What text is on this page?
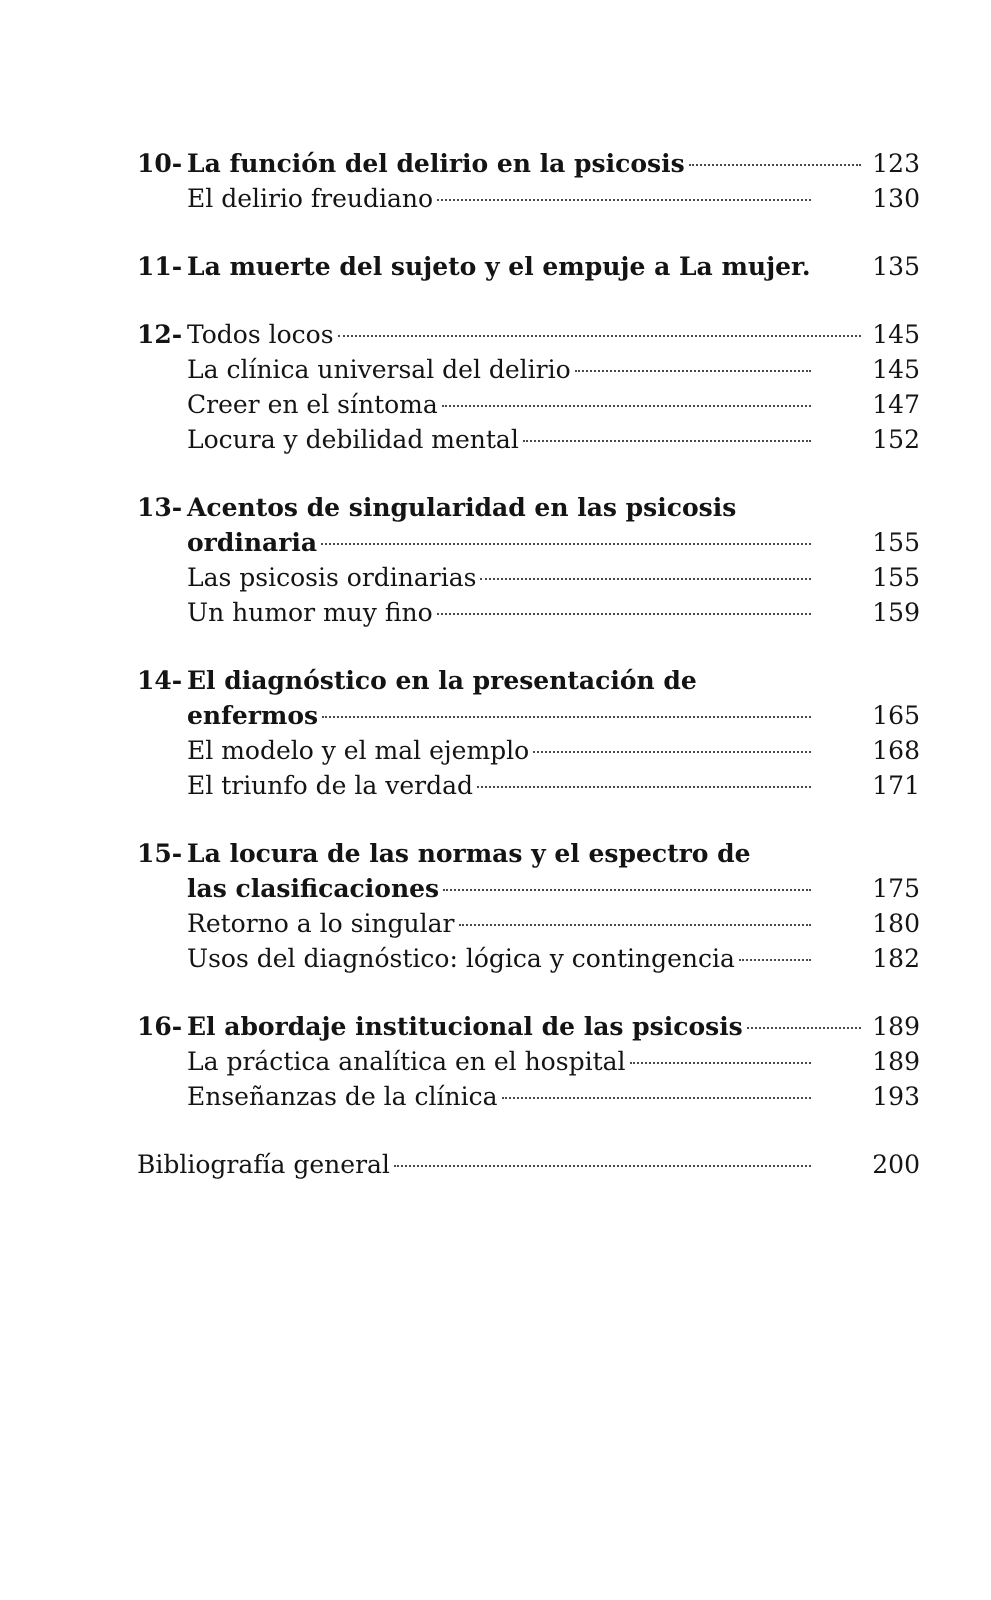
10- La función del delirio en la psicosis	123
El delirio freudiano	130
11- La muerte del sujeto y el empuje a La mujer.	135
12- Todos locos	145
La clínica universal del delirio	145
Creer en el síntoma	147
Locura y debilidad mental	152
13- Acentos de singularidad en las psicosis
ordinaria	155
Las psicosis ordinarias	155
Un humor muy fino	159
14- El diagnóstico en la presentación de
enfermos	165
El modelo y el mal ejemplo	168
El triunfo de la verdad	171
15- La locura de las normas y el espectro de
las clasificaciones	175
Retorno a lo singular	180
Usos del diagnóstico: lógica y contingencia	182
16- El abordaje institucional de las psicosis	189
La práctica analítica en el hospital	189
Enseñanzas de la clínica	193
Bibliografía general	200
